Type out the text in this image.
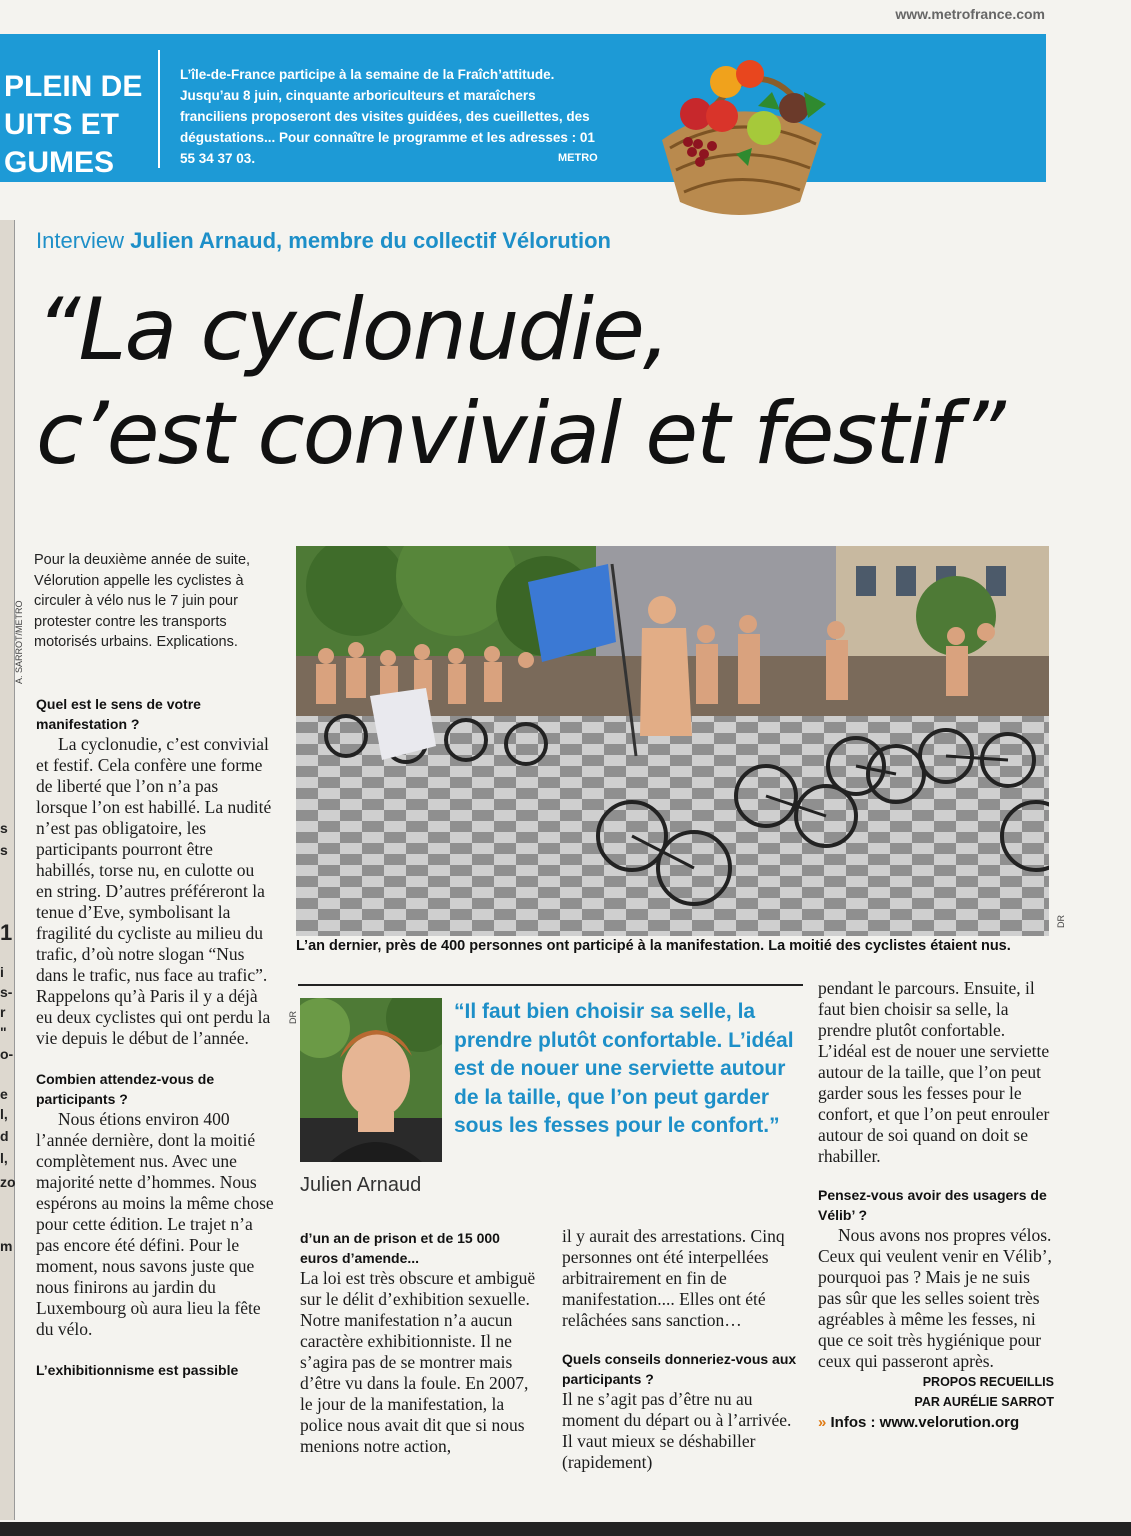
s
s
1
i
s-
r
"
o-
e
l,
d
l,
zo
m
www.metrofrance.com
PLEIN DE
UITS ET
GUMES
L’île-de-France participe à la semaine de la Fraîch’attitude. Jusqu’au 8 juin, cinquante arboriculteurs et maraîchers franciliens proposeront des visites guidées, des cueillettes, des dégustations... Pour connaître le programme et les adresses : 01 55 34 37 03.	METRO
Interview Julien Arnaud, membre du collectif Vélorution
“La cyclonudie,
c’est convivial et festif”
A. SARROT/METRO
Pour la deuxième année de suite, Vélorution appelle les cyclistes à circuler à vélo nus le 7 juin pour protester contre les transports motorisés urbains. Explications.

Quel est le sens de votre manifestation ?

La cyclonudie, c’est convivial et festif. Cela confère une forme de liberté que l’on n’a pas lorsque l’on est habillé. La nudité n’est pas obligatoire, les participants pourront être habillés, torse nu, en culotte ou en string. D’autres préféreront la tenue d’Eve, symbolisant la fragilité du cycliste au milieu du trafic, d’où notre slogan “Nus dans le trafic, nus face au trafic”. Rappelons qu’à Paris il y a déjà eu deux cyclistes qui ont perdu la vie depuis le début de l’année.

Combien attendez-vous de participants ?

Nous étions environ 400 l’année dernière, dont la moitié complètement nus. Avec une majorité nette d’hommes. Nous espérons au moins la même chose pour cette édition. Le trajet n’a pas encore été défini. Pour le moment, nous savons juste que nous finirons au jardin du Luxembourg où aura lieu la fête du vélo.

L’exhibitionnisme est passible

DR
L’an dernier, près de 400 personnes ont participé à la manifestation. La moitié des cyclistes étaient nus.
DR
Julien Arnaud
“Il faut bien choisir sa selle, la prendre plutôt confortable. L’idéal est de nouer une serviette autour de la taille, que l’on peut garder sous les fesses pour le confort.”

d’un an de prison et de 15 000 euros d’amende...

La loi est très obscure et ambiguë sur le délit d’exhibition sexuelle. Notre manifestation n’a aucun caractère exhibitionniste. Il ne s’agira pas de se montrer mais d’être vu dans la foule. En 2007, le jour de la manifestation, la police nous avait dit que si nous menions notre action,

il y aurait des arrestations. Cinq personnes ont été interpellées arbitrairement en fin de manifestation.... Elles ont été relâchées sans sanction…

Quels conseils donneriez-vous aux participants ?

Il ne s’agit pas d’être nu au moment du départ ou à l’arrivée. Il vaut mieux se déshabiller (rapidement)

pendant le parcours. Ensuite, il faut bien choisir sa selle, la prendre plutôt confortable. L’idéal est de nouer une serviette autour de la taille, que l’on peut garder sous les fesses pour le confort, et que l’on peut enrouler autour de soi quand on doit se rhabiller.

Pensez-vous avoir des usagers de Vélib’ ?

Nous avons nos propres vélos. Ceux qui veulent venir en Vélib’, pourquoi pas ? Mais je ne suis pas sûr que les selles soient très agréables à même les fesses, ni que ce soit très hygiénique pour ceux qui passeront après.

PROPOS RECUEILLIS
PAR AURÉLIE SARROT
» Infos : www.velorution.org
